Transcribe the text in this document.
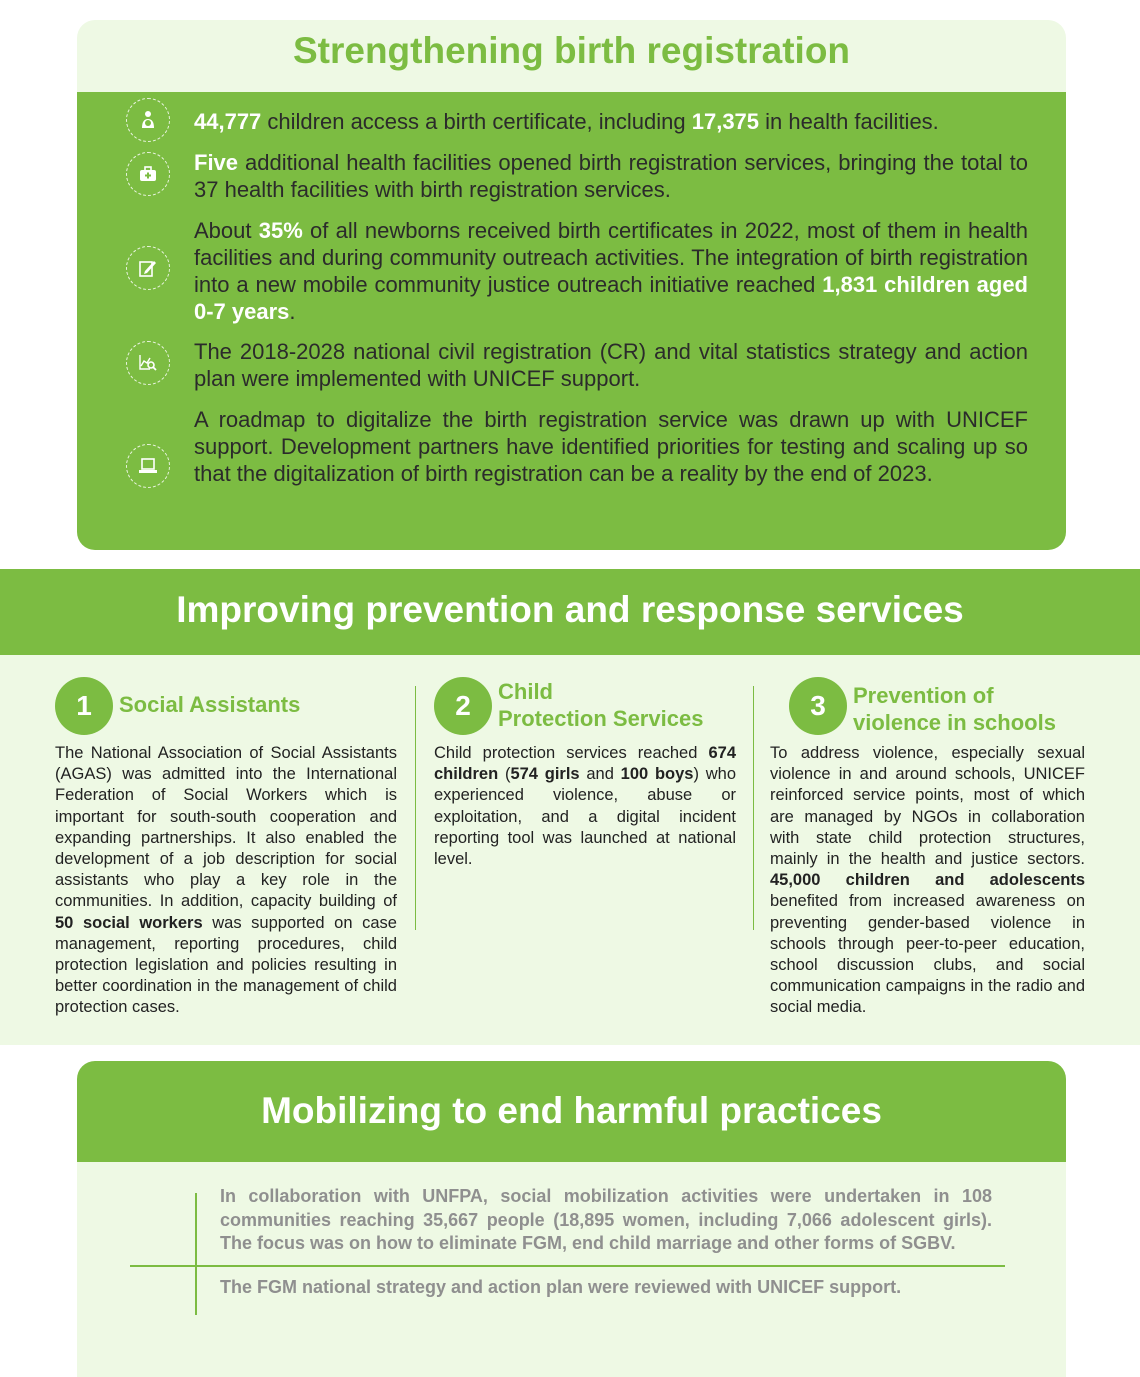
Strengthening birth registration

44,777 children access a birth certificate, including 17,375 in health facilities.

Five additional health facilities opened birth registration services, bringing the total to 37 health facilities with birth registration services.

About 35% of all newborns received birth certificates in 2022, most of them in health facilities and during community outreach activities. The integration of birth registration into a new mobile community justice outreach initiative reached 1,831 children aged 0-7 years.

The 2018-2028 national civil registration (CR) and vital statistics strategy and action plan were implemented with UNICEF support.

A roadmap to digitalize the birth registration service was drawn up with UNICEF support. Development partners have identified priorities for testing and scaling up so that the digitalization of birth registration can be a reality by the end of 2023.

Improving prevention and response services
1	Social Assistants

The National Association of Social Assistants (AGAS) was admitted into the International Federation of Social Workers which is important for south-south cooperation and expanding partnerships. It also enabled the development of a job description for social assistants who play a key role in the communities. In addition, capacity building of 50 social workers was supported on case management, reporting procedures, child protection legislation and policies resulting in better coordination in the management of child protection cases.

2	Child

Protection Services

Child protection services reached 674 children (574 girls and 100 boys) who experienced violence, abuse or exploitation, and a digital incident reporting tool was launched at national level.

3	Prevention of

violence in schools

To address violence, especially sexual violence in and around schools, UNICEF reinforced service points, most of which are managed by NGOs in collaboration with state child protection structures, mainly in the health and justice sectors. 45,000 children and adolescents benefited from increased awareness on preventing gender-based violence in schools through peer-to-peer education, school discussion clubs, and social communication campaigns in the radio and social media.

Mobilizing to end harmful practices

In collaboration with UNFPA, social mobilization activities were undertaken in 108 communities reaching 35,667 people (18,895 women, including 7,066 adolescent girls). The focus was on how to eliminate FGM, end child marriage and other forms of SGBV.

The FGM national strategy and action plan were reviewed with UNICEF support.
